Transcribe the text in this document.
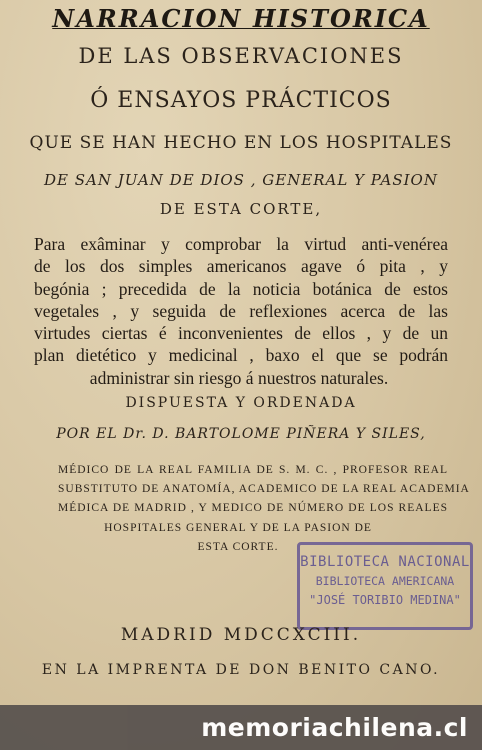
NARRACION HISTORICA
DE LAS OBSERVACIONES
Ó ENSAYOS PRÁCTICOS
QUE SE HAN HECHO EN LOS HOSPITALES
DE SAN JUAN DE DIOS , GENERAL Y PASION
DE ESTA CORTE,
Para exâminar y comprobar la virtud anti-venérea
de los dos simples americanos agave ó pita , y
begónia ; precedida de la noticia botánica de estos
vegetales , y seguida de reflexiones acerca de las
virtudes ciertas é inconvenientes de ellos , y de un
plan dietético y medicinal , baxo el que se podrán
administrar sin riesgo á nuestros naturales.
DISPUESTA Y ORDENADA
POR EL Dr. D. BARTOLOME PIÑERA Y SILES,
MÉDICO DE LA REAL FAMILIA DE S. M. C. , PROFESOR REAL
SUBSTITUTO DE ANATOMÍA, ACADEMICO DE LA REAL ACADEMIA
MÉDICA DE MADRID , Y MEDICO DE NÚMERO DE LOS REALES
HOSPITALES GENERAL Y DE LA PASION DE
ESTA CORTE.
BIBLIOTECA NACIONAL
BIBLIOTECA AMERICANA
"JOSÉ TORIBIO MEDINA"
MADRID MDCCXCIII.
EN LA IMPRENTA DE DON BENITO CANO.
memoriachilena.cl
